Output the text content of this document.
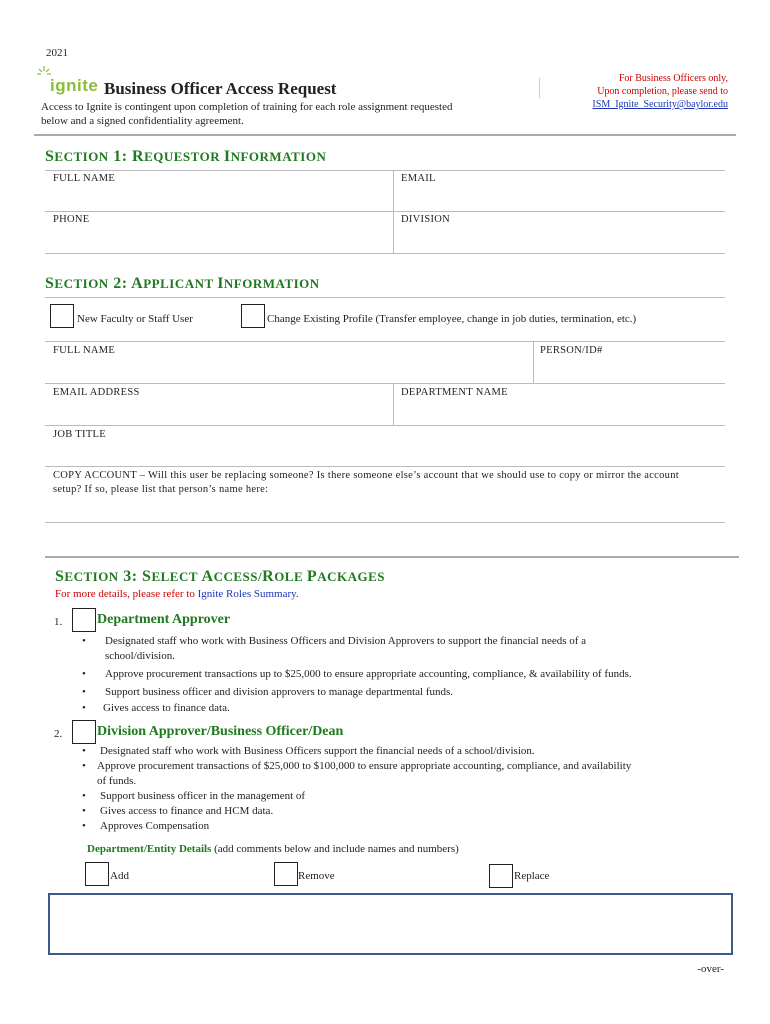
2021
ignite Business Officer Access Request
Access to Ignite is contingent upon completion of training for each role assignment requested below and a signed confidentiality agreement.
For Business Officers only,
Upon completion, please send to
ISM_Ignite_Security@baylor.edu
SECTION 1: REQUESTOR INFORMATION
FULL NAME	EMAIL
PHONE	DIVISION
SECTION 2: APPLICANT INFORMATION
New Faculty or Staff User	Change Existing Profile (Transfer employee, change in job duties, termination, etc.)
FULL NAME	PERSON/ID#
EMAIL ADDRESS	DEPARTMENT NAME
JOB TITLE
COPY ACCOUNT – Will this user be replacing someone? Is there someone else’s account that we should use to copy or mirror the account
setup? If so, please list that person’s name here:
SECTION 3: SELECT ACCESS/ROLE PACKAGES
For more details, please refer to Ignite Roles Summary.
1. Department Approver
• Designated staff who work with Business Officers and Division Approvers to support the financial needs of a
school/division.
• Approve procurement transactions up to $25,000 to ensure appropriate accounting, compliance, & availability of funds.
• Support business officer and division approvers to manage departmental funds.
• Gives access to finance data.
2. Division Approver/Business Officer/Dean
• Designated staff who work with Business Officers support the financial needs of a school/division.
• Approve procurement transactions of $25,000 to $100,000 to ensure appropriate accounting, compliance, and availability
of funds.
• Support business officer in the management of
• Gives access to finance and HCM data.
• Approves Compensation
Department/Entity Details (add comments below and include names and numbers)
Add	Remove	Replace
-over-
